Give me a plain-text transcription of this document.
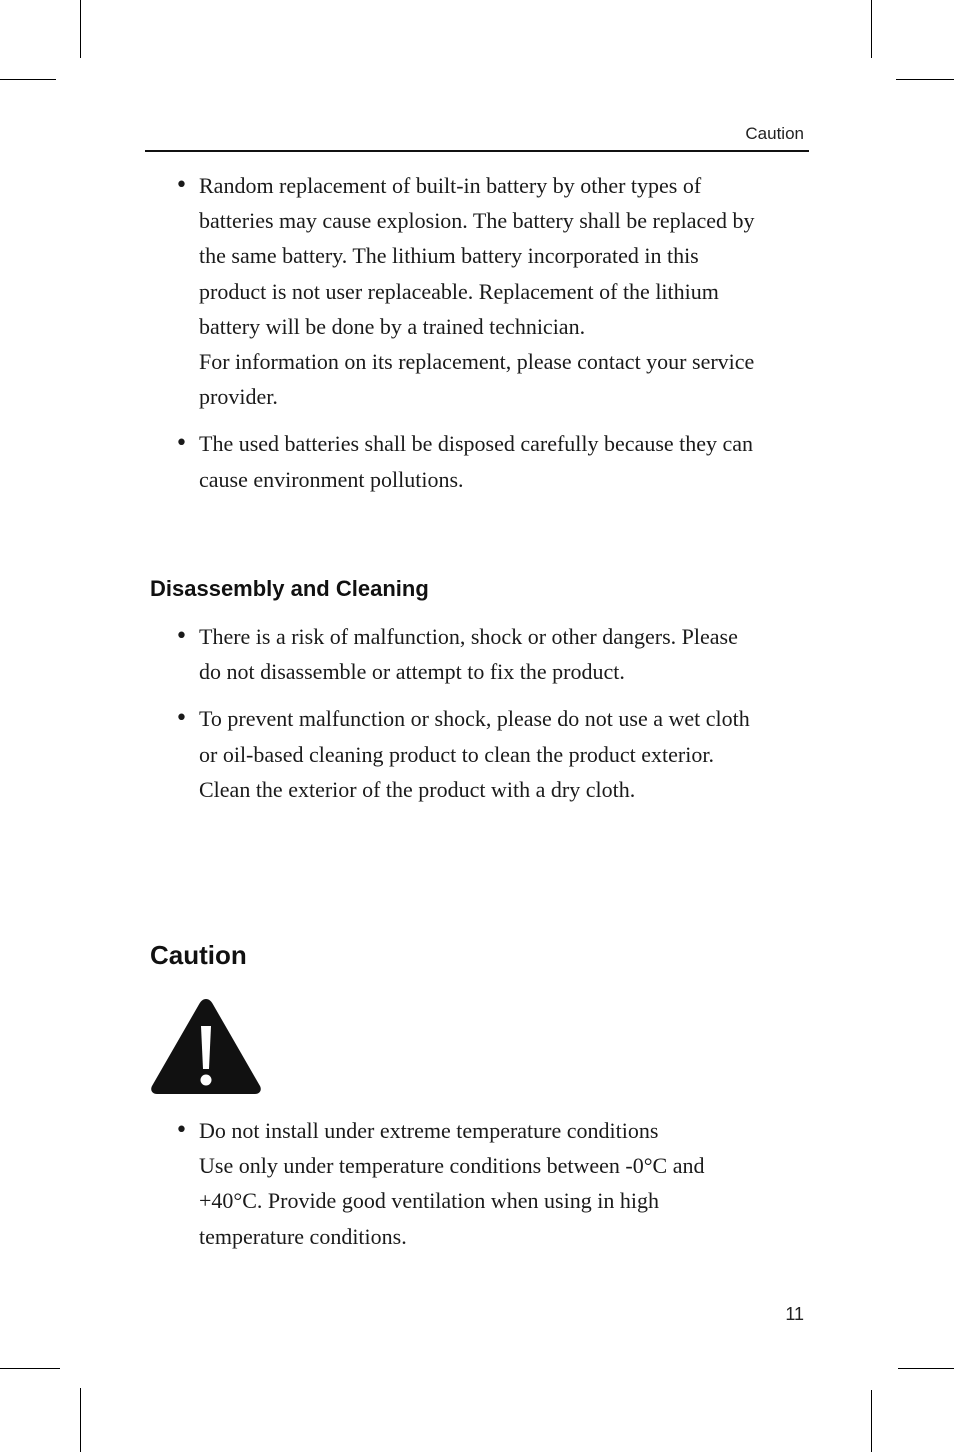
Caution
• Random replacement of built-in battery by other types of
batteries may cause explosion. The battery shall be replaced by
the same battery. The lithium battery incorporated in this
product is not user replaceable. Replacement of the lithium
battery will be done by a trained technician.
For information on its replacement, please contact your service
provider.
• The used batteries shall be disposed carefully because they can
cause environment pollutions.
Disassembly and Cleaning
• There is a risk of malfunction, shock or other dangers. Please
do not disassemble or attempt to fix the product.
• To prevent malfunction or shock, please do not use a wet cloth
or oil-based cleaning product to clean the product exterior.
Clean the exterior of the product with a dry cloth.
Caution
• Do not install under extreme temperature conditions
Use only under temperature conditions between -0°C and
+40°C. Provide good ventilation when using in high
temperature conditions.
11
